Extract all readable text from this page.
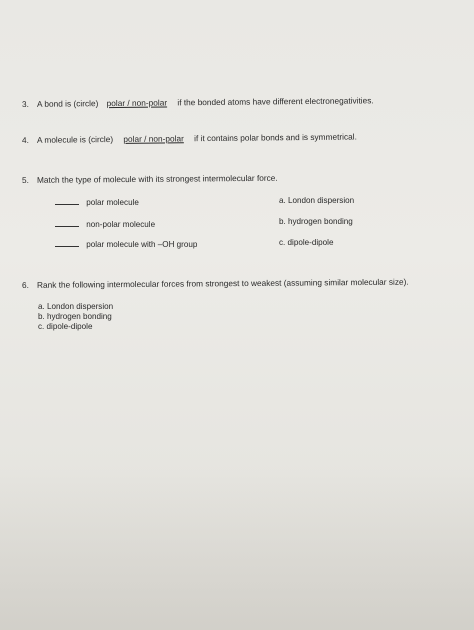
3. A bond is (circle) polar / non-polar if the bonded atoms have different electronegativities.
4. A molecule is (circle) polar / non-polar if it contains polar bonds and is symmetrical.
5. Match the type of molecule with its strongest intermolecular force.
polar molecule
non-polar molecule
polar molecule with –OH group
a. London dispersion
b. hydrogen bonding
c. dipole-dipole
6. Rank the following intermolecular forces from strongest to weakest (assuming similar molecular size).
a. London dispersion
b. hydrogen bonding
c. dipole-dipole
